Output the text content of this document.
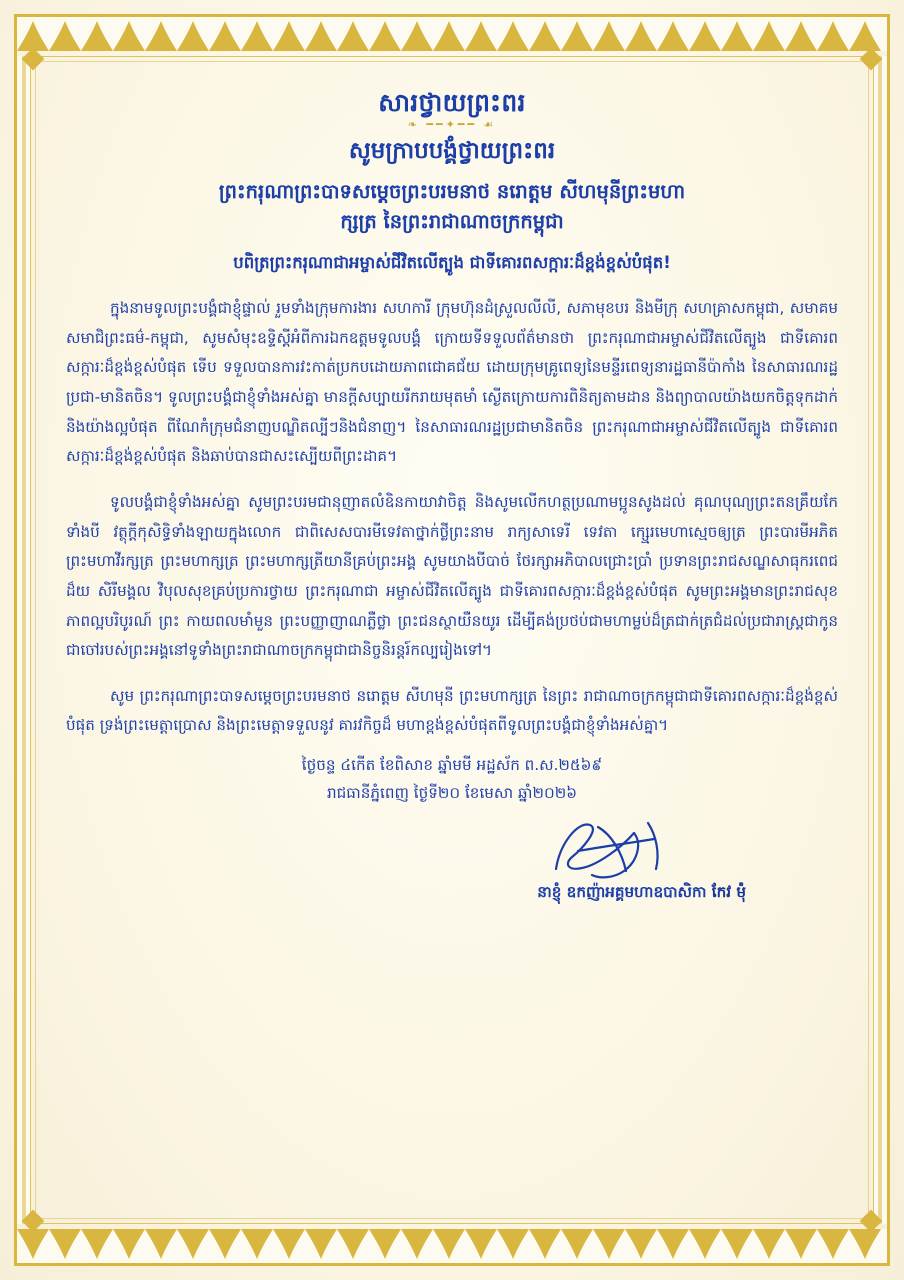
សារថ្វាយព្រះពរ
❧ ━━✦━━ ☙
សូមក្រាបបង្គំថ្វាយព្រះពរ
ព្រះករុណាព្រះបាទសម្ដេចព្រះបរមនាថ នរោត្តម សីហមុនីព្រះមហា
ក្សត្រ នៃព្រះរាជាណាចក្រកម្ពុជា
បពិត្រព្រះករុណាជាអម្ចាស់ជីវិតលើត្បូង ជាទីគោរពសក្ការៈដ៏ខ្ពង់ខ្ពស់បំផុត!
ក្នុងនាមទូលព្រះបង្គំជាខ្ញុំផ្ទាល់ រួមទាំងក្រុមការងារ សហការី ក្រុមហ៊ុនដំស្រួលលីលី, សភាមុខបរ និងមីក្រុ សហគ្រាសកម្ពុជា, សមាគមសមាជិព្រះធម៌-កម្ពុជា, សូមសំមុះឧទ្ទិស្តីអំពីការឯកឧត្តមទូលបង្គំ ក្រោយទីទទួលព័ត៌មានថា ព្រះករុណាជាអម្ចាស់ជីវិតលើត្បូង ជាទីគោរពសក្ការៈដ៏ខ្ពង់ខ្ពស់បំផុត ទើប ទទួលបានការវះកាត់ប្រកបដោយភាពជោគជ័យ ដោយក្រុមគ្រូពេទ្យនៃមន្ទីរពេទ្យនារដ្ឋធានីប៉ាកាំង នៃសាធារណរដ្ឋប្រជា-មានិតចិន។ ទូលព្រះបង្គំជាខ្ញុំទាំងអស់គ្នា មានក្ដីសប្បាយរីករាយមុតមាំ ស្ងើតក្រោយការពិនិត្យតាមដាន និងព្យាបាលយ៉ាងយកចិត្តទុកដាក់និងយ៉ាងល្អបំផុត ពីណែកំក្រុមជំនាញបណ្ឌិតល្បីៗនិងជំនាញ។ នៃសាធារណរដ្ឋប្រជាមានិតចិន ព្រះករុណាជាអម្ចាស់ជីវិតលើត្បូង ជាទីគោរពសក្ការៈដ៏ខ្ពង់ខ្ពស់បំផុត និងឆាប់បានជាសះស្បើយពីព្រះដាគ។
ទូលបង្គំជាខ្ញុំទាំងអស់គ្នា សូមព្រះបរមជានុញាតលំឧិនកាយាវាចិត្ត និងសូមលើកហត្ថប្រណាមប្អូនសូងដល់ គុណបុណ្យព្រះតនគ្រឹយកែទាំងបី វត្ថុក្ដីកុសិទ្ធិទាំងឡាយក្នុងលោក ជាពិសេសបារមីទេវតាថ្នាក់ថ្លីព្រះនាម រាក្យសាទេរី ទេវតា ក្ស្មេរមេហាស្មេចឲ្យត្រ ព្រះបារមីអភិតព្រះមហាវីរក្សត្រ ព្រះមហាក្សត្រ ព្រះមហាក្សត្រីយានីគ្រប់ព្រះអង្គ សូមយាងបីបាច់ ថែរក្សាអភិបាលជ្រោះប្រាំ ប្រទានព្រះរាជសណ្ឌសាធុករពេជដ៏យ សិរីមង្គល វិបុលសុខគ្រប់ប្រការថ្វាយ ព្រះករុណាជា អម្ចាស់ជីវិតលើត្បូង ជាទីគោរពសក្ការៈដ៏ខ្ពង់ខ្ពស់បំផុត សូមព្រះអង្គមានព្រះរាជសុខភាពល្អបរិបូរណ៍ ព្រះ កាយពលមាំមួន ព្រះបញ្ញាញាណភ្លឺថ្លា ព្រះជនស្ថាយឺនយូរ ដើម្បីគង់ប្រថប់ជាមហាម្លប់ដ៏ត្រជាក់ត្រជំដល់ប្រជារាស្ត្រជាកូនជាចៅរបស់ព្រះអង្គនៅទូទាំងព្រះរាជាណាចក្រកម្ពុជាជានិច្ចនិរន្តរ៍កល្បរៀងទៅ។
សូម ព្រះករុណាព្រះបាទសម្ដេចព្រះបរមនាថ នរោត្តម សីហមុនី ព្រះមហាក្សត្រ នៃព្រះ រាជាណាចក្រកម្ពុជាជាទីគោរពសក្ការៈដ៏ខ្ពង់ខ្ពស់បំផុត ទ្រង់ព្រះមេត្តាប្រោស និងព្រះមេត្តាទទួលនូវ គារវកិច្ចដ៏ មហាខ្ពង់ខ្ពស់បំផុតពីទូលព្រះបង្គំជាខ្ញុំទាំងអស់គ្នា។
ថ្ងៃចន្ទ ៤កើត ខែពិសាខ ឆ្នាំមមី អដ្ឋស័ក ព.ស.២៥៦៩
រាជធានីភ្នំពេញ ថ្ងៃទី២០ ខែមេសា ឆ្នាំ២០២៦
នាខ្ញុំ ឧកញ៉ាអគ្គមហាឧបាសិកា កែវ ម៉ុំ
